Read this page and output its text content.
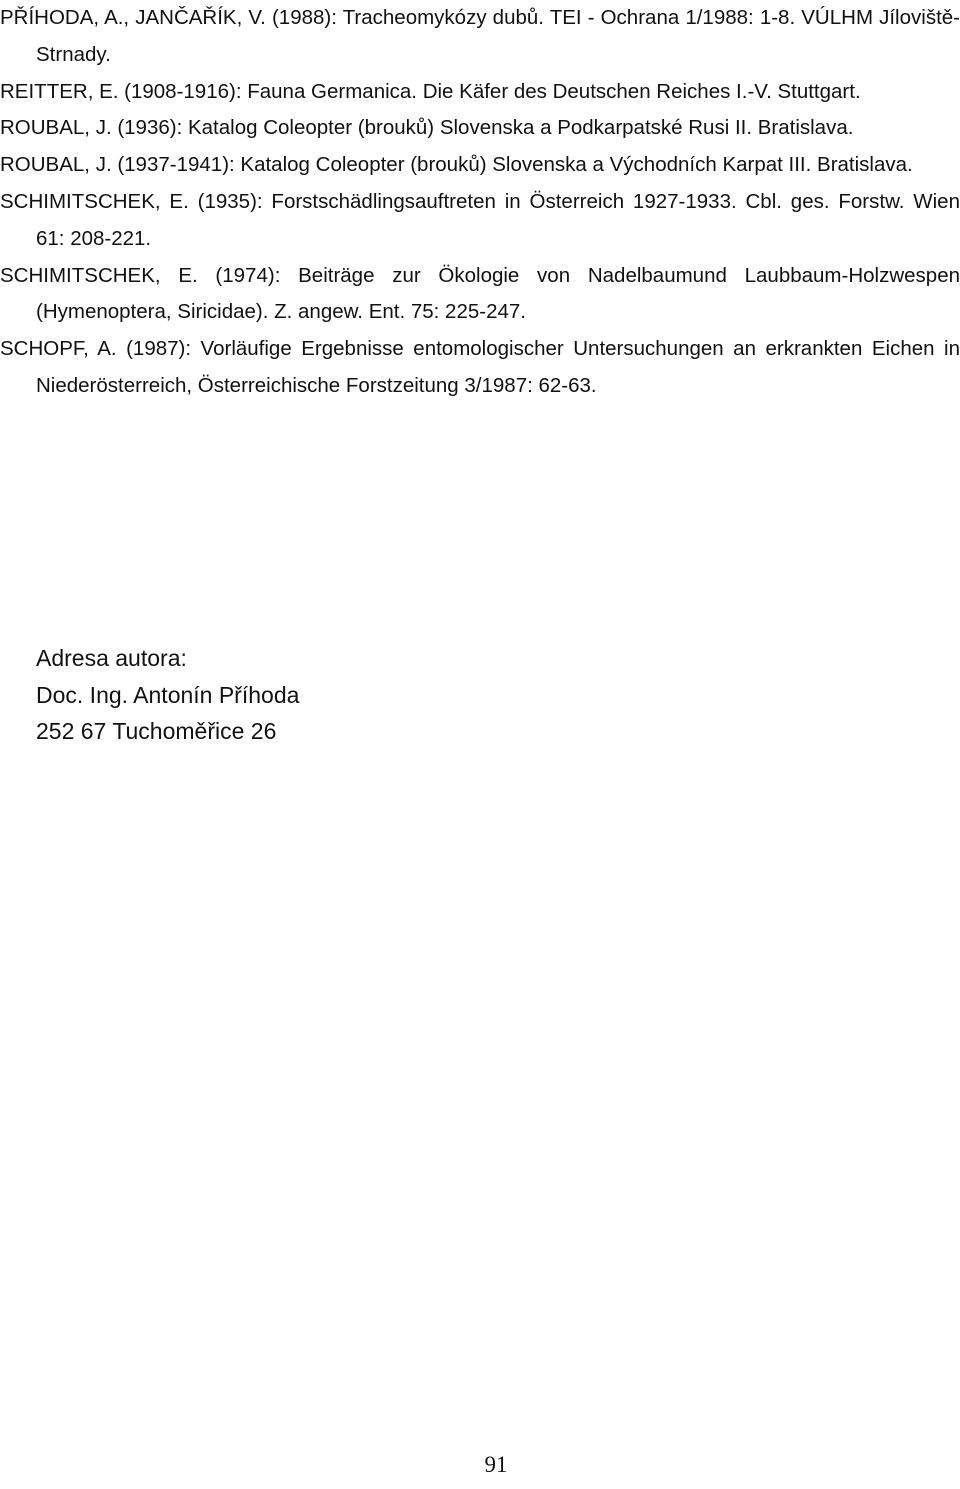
PŘÍHODA, A., JANČAŘÍK, V. (1988): Tracheomykózy dubů. TEI - Ochrana 1/1988: 1-8. VÚLHM Jíloviště-Strnady.

REITTER, E. (1908-1916): Fauna Germanica. Die Käfer des Deutschen Reiches I.-V. Stuttgart.

ROUBAL, J. (1936): Katalog Coleopter (brouků) Slovenska a Podkarpatské Rusi II. Bratislava.

ROUBAL, J. (1937-1941): Katalog Coleopter (brouků) Slovenska a Východních Karpat III. Bratislava.

SCHIMITSCHEK, E. (1935): Forstschädlingsauftreten in Österreich 1927-1933. Cbl. ges. Forstw. Wien 61: 208-221.

SCHIMITSCHEK, E. (1974): Beiträge zur Ökologie von Nadelbaumund Laubbaum-Holzwespen (Hymenoptera, Siricidae). Z. angew. Ent. 75: 225-247.

SCHOPF, A. (1987): Vorläufige Ergebnisse entomologischer Untersuchungen an erkrankten Eichen in Niederösterreich, Österreichische Forstzeitung 3/1987: 62-63.

Adresa autora:
Doc. Ing. Antonín Příhoda
252 67 Tuchoměřice 26
91
